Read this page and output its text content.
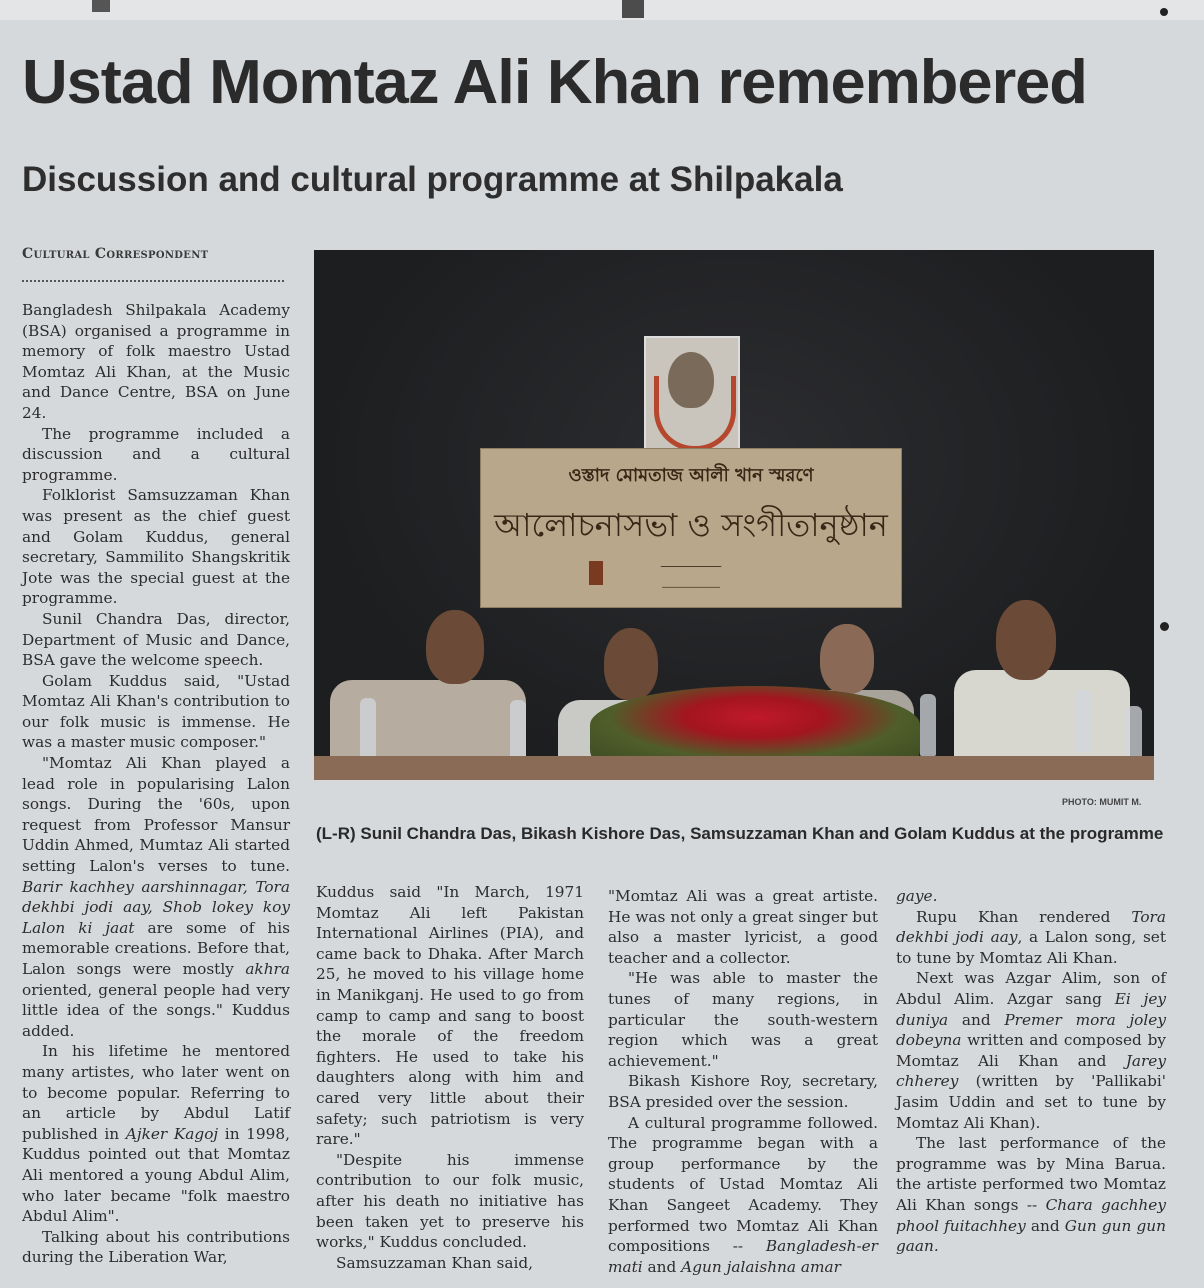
Ustad Momtaz Ali Khan remembered
Discussion and cultural programme at Shilpakala
Cultural Correspondent

Bangladesh Shilpakala Academy (BSA) organised a programme in memory of folk maestro Ustad Momtaz Ali Khan, at the Music and Dance Centre, BSA on June 24.

The programme included a discussion and a cultural programme.

Folklorist Samsuzzaman Khan was present as the chief guest and Golam Kuddus, general secretary, Sammilito Shangskritik Jote was the special guest at the programme.

Sunil Chandra Das, director, Department of Music and Dance, BSA gave the welcome speech.

Golam Kuddus said, "Ustad Momtaz Ali Khan's contribution to our folk music is immense. He was a master music composer."

"Momtaz Ali Khan played a lead role in popularising Lalon songs. During the '60s, upon request from Professor Mansur Uddin Ahmed, Mumtaz Ali started setting Lalon's verses to tune. Barir kachhey aarshinnagar, Tora dekhbi jodi aay, Shob lokey koy Lalon ki jaat are some of his memorable creations. Before that, Lalon songs were mostly akhra oriented, general people had very little idea of the songs." Kuddus added.

In his lifetime he mentored many artistes, who later went on to become popular. Referring to an article by Abdul Latif published in Ajker Kagoj in 1998, Kuddus pointed out that Momtaz Ali mentored a young Abdul Alim, who later became "folk maestro Abdul Alim".

Talking about his contributions during the Liberation War,

ওস্তাদ মোমতাজ আলী খান স্মরণে
আলোচনাসভা ও সংগীতানুষ্ঠান
──────────
────────────
PHOTO: MUMIT M.

(L-R) Sunil Chandra Das, Bikash Kishore Das, Samsuzzaman Khan and Golam Kuddus at the programme

Kuddus said "In March, 1971 Momtaz Ali left Pakistan International Airlines (PIA), and came back to Dhaka. After March 25, he moved to his village home in Manikganj. He used to go from camp to camp and sang to boost the morale of the freedom fighters. He used to take his daughters along with him and cared very little about their safety; such patriotism is very rare."

"Despite his immense contribution to our folk music, after his death no initiative has been taken yet to preserve his works," Kuddus concluded.

Samsuzzaman Khan said,

"Momtaz Ali was a great artiste. He was not only a great singer but also a master lyricist, a good teacher and a collector.

"He was able to master the tunes of many regions, in particular the south-western region which was a great achievement."

Bikash Kishore Roy, secretary, BSA presided over the session.

A cultural programme followed. The programme began with a group performance by the students of Ustad Momtaz Ali Khan Sangeet Academy. They performed two Momtaz Ali Khan compositions -- Bangladesh-er mati and Agun jalaishna amar

gaye.

Rupu Khan rendered Tora dekhbi jodi aay, a Lalon song, set to tune by Momtaz Ali Khan.

Next was Azgar Alim, son of Abdul Alim. Azgar sang Ei jey duniya and Premer mora joley dobeyna written and composed by Momtaz Ali Khan and Jarey chherey (written by 'Pallikabi' Jasim Uddin and set to tune by Momtaz Ali Khan).

The last performance of the programme was by Mina Barua. the artiste performed two Momtaz Ali Khan songs -- Chara gachhey phool fuitachhey and Gun gun gun gaan.
